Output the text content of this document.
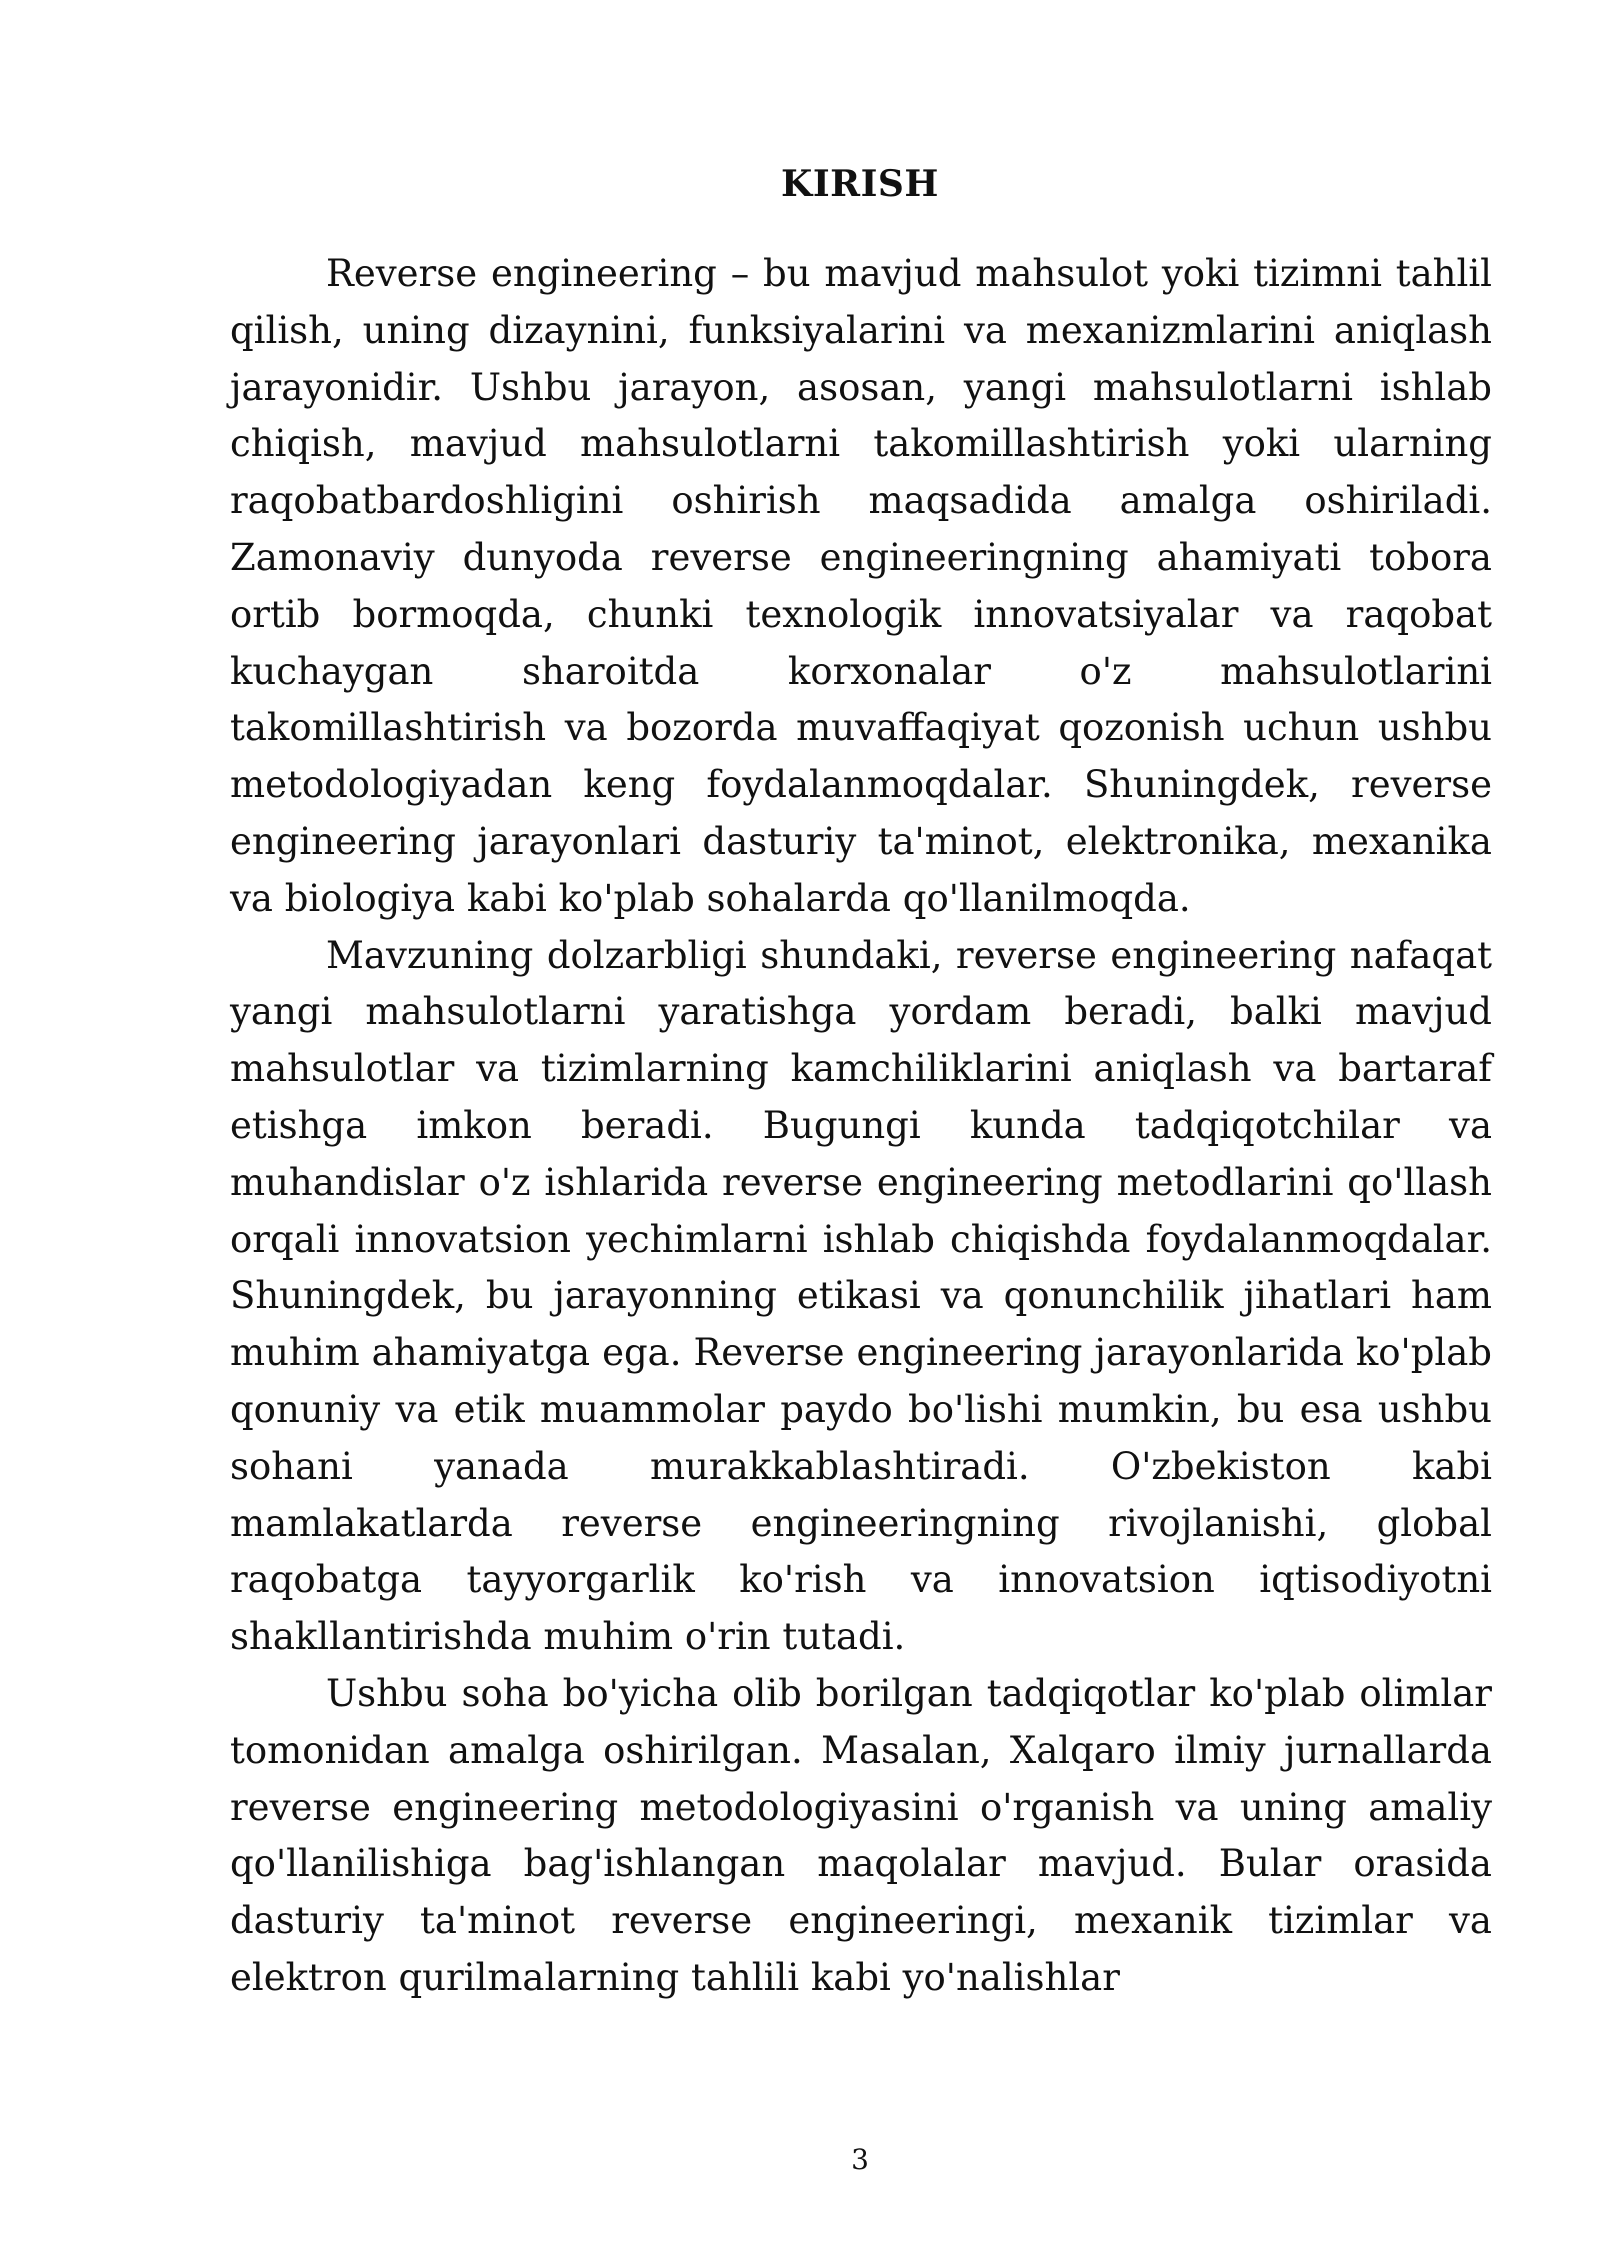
KIRISH

Reverse engineering – bu mavjud mahsulot yoki tizimni tahlil qilish, uning dizaynini, funksiyalarini va mexanizmlarini aniqlash jarayonidir. Ushbu jarayon, asosan, yangi mahsulotlarni ishlab chiqish, mavjud mahsulotlarni takomillashtirish yoki ularning raqobatbardoshligini oshirish maqsadida amalga oshiriladi. Zamonaviy dunyoda reverse engineeringning ahamiyati tobora ortib bormoqda, chunki texnologik innovatsiyalar va raqobat kuchaygan sharoitda korxonalar o'z mahsulotlarini takomillashtirish va bozorda muvaffaqiyat qozonish uchun ushbu metodologiyadan keng foydalanmoqdalar. Shuningdek, reverse engineering jarayonlari dasturiy ta'minot, elektronika, mexanika va biologiya kabi ko'plab sohalarda qo'llanilmoqda.

Mavzuning dolzarbligi shundaki, reverse engineering nafaqat yangi mahsulotlarni yaratishga yordam beradi, balki mavjud mahsulotlar va tizimlarning kamchiliklarini aniqlash va bartaraf etishga imkon beradi. Bugungi kunda tadqiqotchilar va muhandislar o'z ishlarida reverse engineering metodlarini qo'llash orqali innovatsion yechimlarni ishlab chiqishda foydalanmoqdalar. Shuningdek, bu jarayonning etikasi va qonunchilik jihatlari ham muhim ahamiyatga ega. Reverse engineering jarayonlarida ko'plab qonuniy va etik muammolar paydo bo'lishi mumkin, bu esa ushbu sohani yanada murakkablashtiradi. O'zbekiston kabi mamlakatlarda reverse engineeringning rivojlanishi, global raqobatga tayyorgarlik ko'rish va innovatsion iqtisodiyotni shakllantirishda muhim o'rin tutadi.

Ushbu soha bo'yicha olib borilgan tadqiqotlar ko'plab olimlar tomonidan amalga oshirilgan. Masalan, Xalqaro ilmiy jurnallarda reverse engineering metodologiyasini o'rganish va uning amaliy qo'llanilishiga bag'ishlangan maqolalar mavjud. Bular orasida dasturiy ta'minot reverse engineeringi, mexanik tizimlar va elektron qurilmalarning tahlili kabi yo'nalishlar

3
